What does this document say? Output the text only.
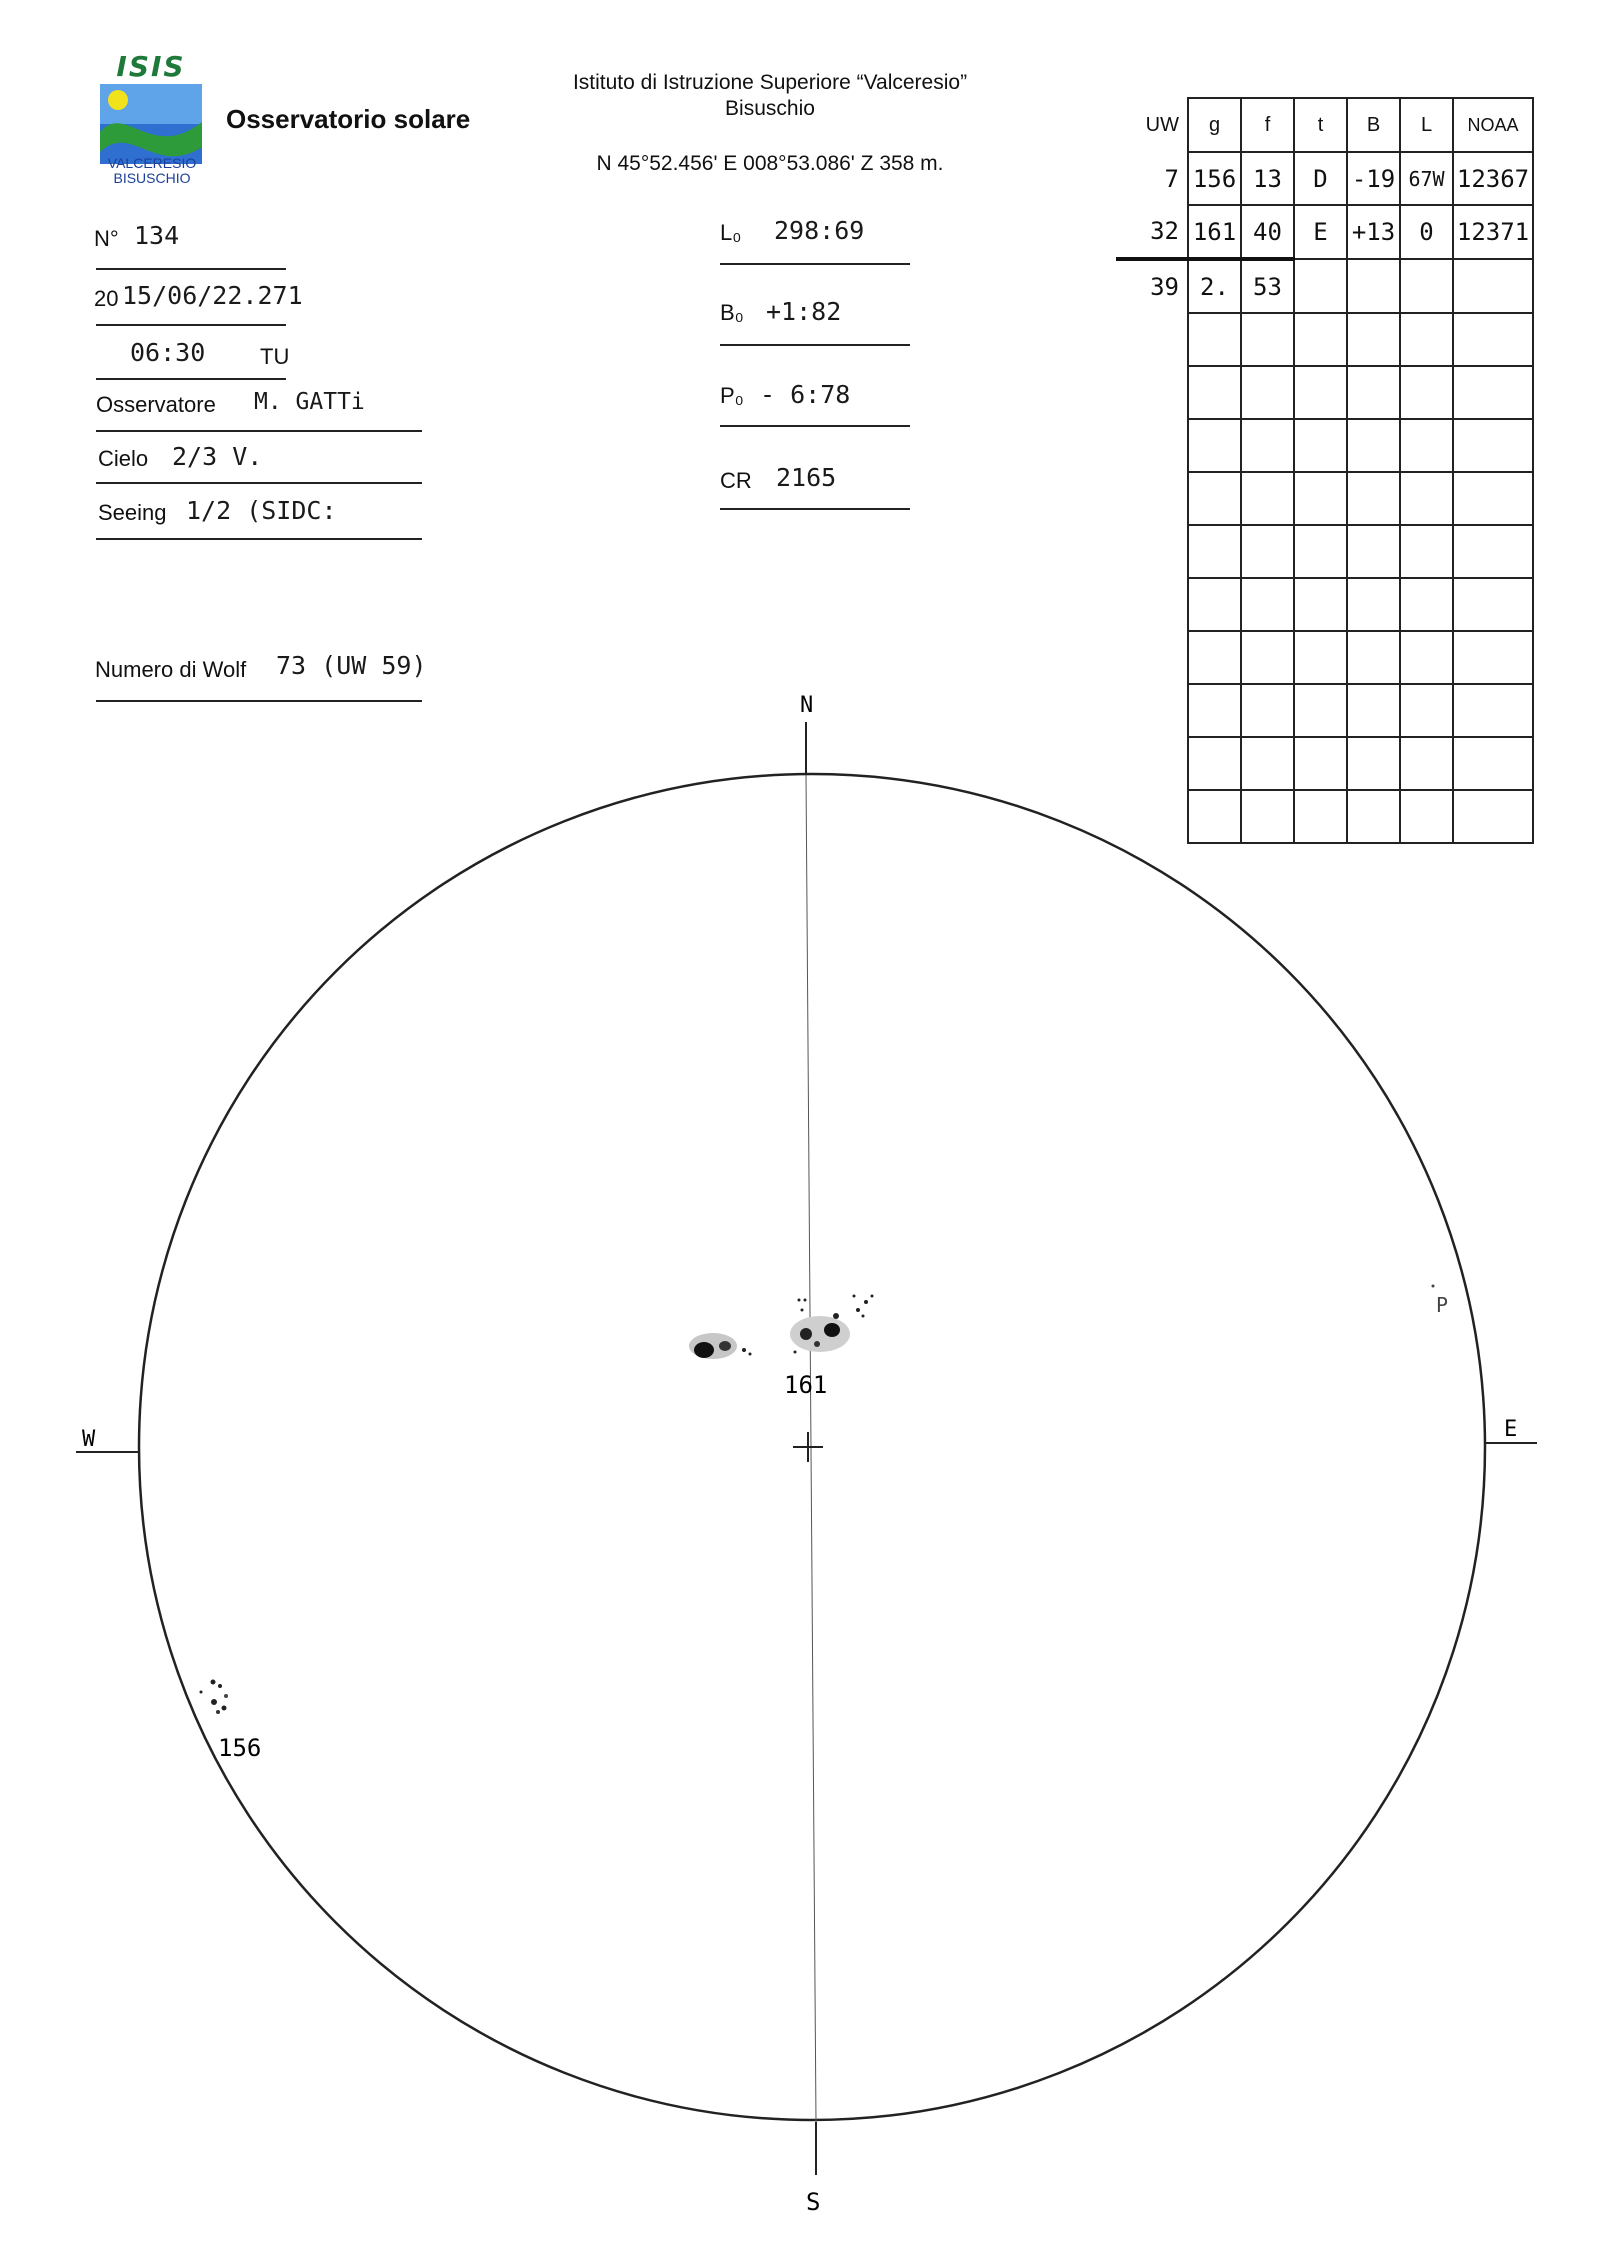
ISIS
VALCERESIO
BISUSCHIO
Osservatorio solare
Istituto di Istruzione Superiore “Valceresio”
Bisuschio
N 45°52.456' E 008°53.086' Z 358 m.
N° 134
20 15/06/22.271
06:30 TU
Osservatore M. GATTi
Cielo 2/3 V.
Seeing 1/2 (SIDC:
Numero di Wolf 73 (UW 59)
L₀ 298:69
B₀ +1:82
P₀ - 6:78
CR 2165
UW	g	f	t	B	L	NOAA
7	156	13	D	-19	67W	12367
32	161	40	E	+13	0	12371
39	2.	53				

N
S
E
W
P
161
156
